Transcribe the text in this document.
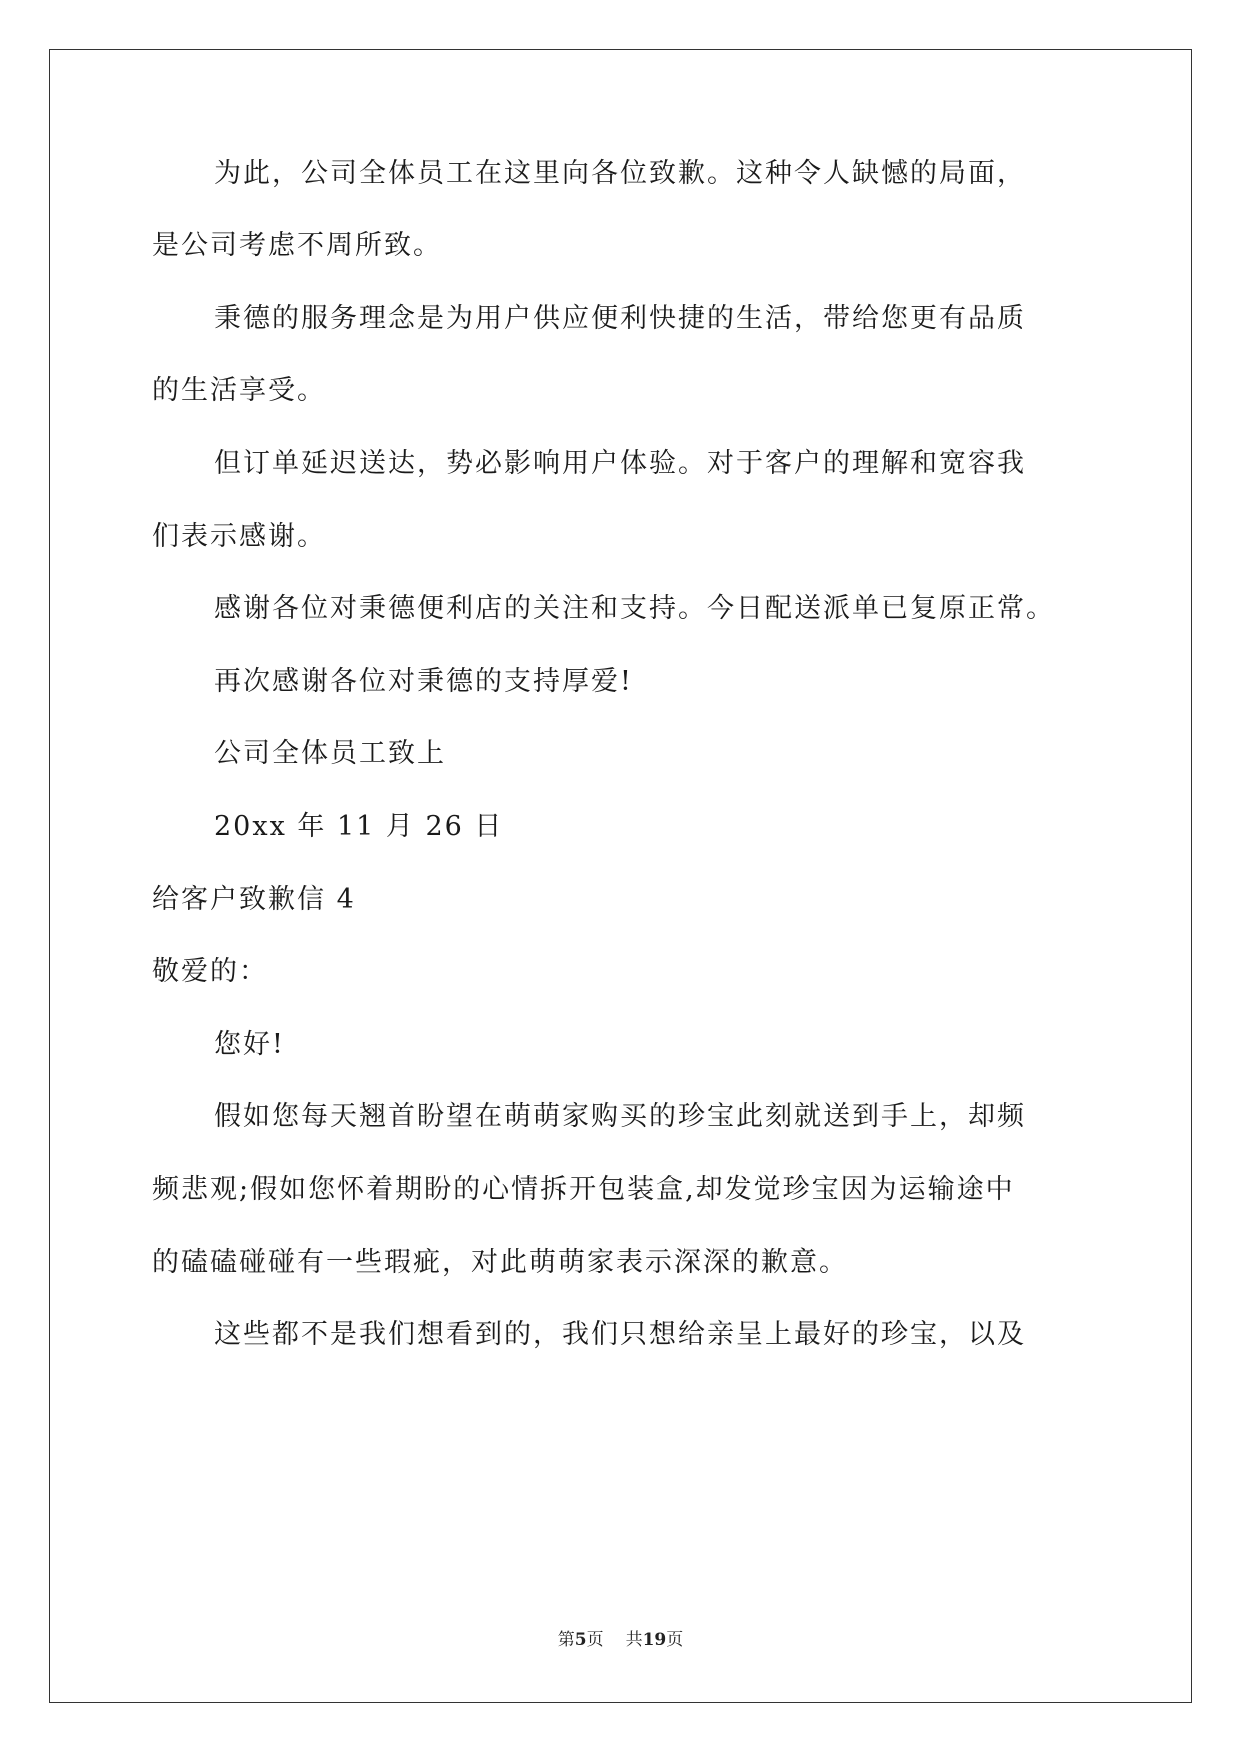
为此，公司全体员工在这里向各位致歉。这种令人缺憾的局面，
是公司考虑不周所致。
秉德的服务理念是为用户供应便利快捷的生活，带给您更有品质
的生活享受。
但订单延迟送达，势必影响用户体验。对于客户的理解和宽容我
们表示感谢。
感谢各位对秉德便利店的关注和支持。今日配送派单已复原正常。
再次感谢各位对秉德的支持厚爱!
公司全体员工致上
20xx 年 11 月 26 日
给客户致歉信 4
敬爱的：
您好!
假如您每天翘首盼望在萌萌家购买的珍宝此刻就送到手上，却频
频悲观;假如您怀着期盼的心情拆开包装盒,却发觉珍宝因为运输途中
的磕磕碰碰有一些瑕疵，对此萌萌家表示深深的歉意。
这些都不是我们想看到的，我们只想给亲呈上最好的珍宝，以及
第5页 共19页
